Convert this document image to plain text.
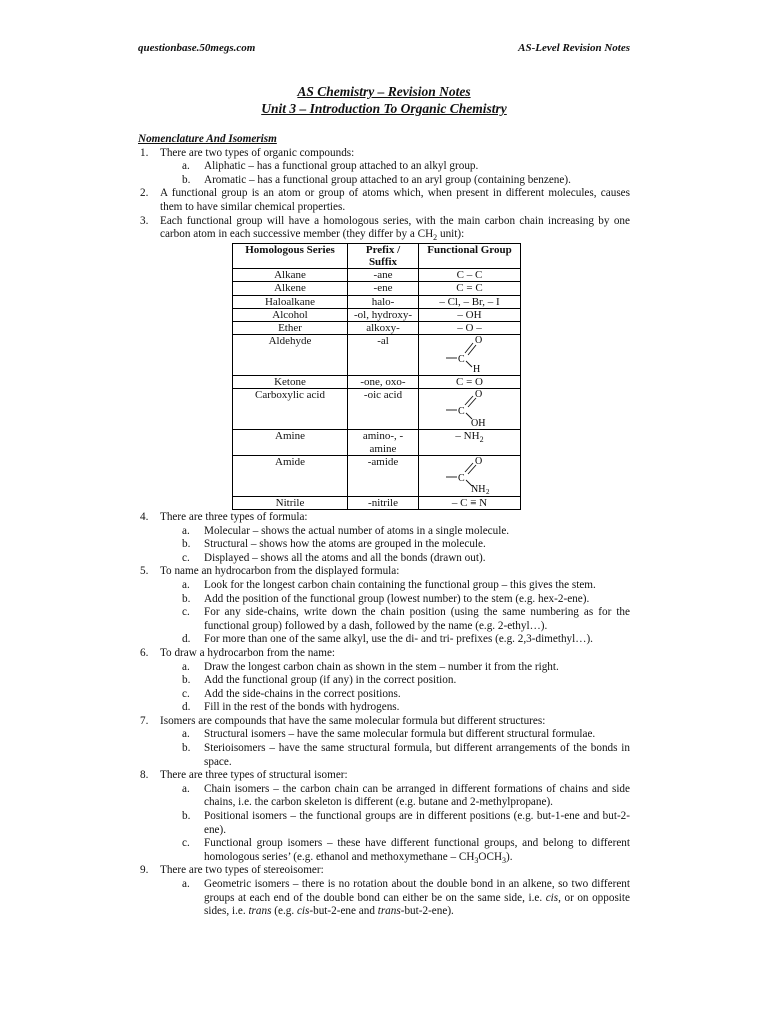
questionbase.50megs.com	AS-Level Revision Notes
AS Chemistry – Revision Notes
Unit 3 – Introduction To Organic Chemistry
Nomenclature And Isomerism
1. There are two types of organic compounds:
a. Aliphatic – has a functional group attached to an alkyl group.
b. Aromatic – has a functional group attached to an aryl group (containing benzene).
2. A functional group is an atom or group of atoms which, when present in different molecules, causes them to have similar chemical properties.
3. Each functional group will have a homologous series, with the main carbon chain increasing by one carbon atom in each successive member (they differ by a $CH_2$ unit):
Homologous Series	Prefix / Suffix	Functional Group
Alkane	-ane	C – C
Alkene	-ene	C = C
Haloalkane	halo-	– Cl, – Br, – I
Alcohol	-ol, hydroxy-	– OH
Ether	alkoxy-	– O –
Aldehyde	-al	C
O
H

Ketone	-one, oxo-	C = O
Carboxylic acid	-oic acid	C
O
OH

Amine	amino-, -amine	– $NH_2$
Amide	-amide	C
O
NH 2

Nitrile	-nitrile	– C ≡ N
4. There are three types of formula:
a. Molecular – shows the actual number of atoms in a single molecule.
b. Structural – shows how the atoms are grouped in the molecule.
c. Displayed – shows all the atoms and all the bonds (drawn out).
5. To name an hydrocarbon from the displayed formula:
a. Look for the longest carbon chain containing the functional group – this gives the stem.
b. Add the position of the functional group (lowest number) to the stem (e.g. hex-2-ene).
c. For any side-chains, write down the chain position (using the same numbering as for the functional group) followed by a dash, followed by the name (e.g. 2-ethyl…).
d. For more than one of the same alkyl, use the di- and tri- prefixes (e.g. 2,3-dimethyl…).
6. To draw a hydrocarbon from the name:
a. Draw the longest carbon chain as shown in the stem – number it from the right.
b. Add the functional group (if any) in the correct position.
c. Add the side-chains in the correct positions.
d. Fill in the rest of the bonds with hydrogens.
7. Isomers are compounds that have the same molecular formula but different structures:
a. Structural isomers – have the same molecular formula but different structural formulae.
b. Sterioisomers – have the same structural formula, but different arrangements of the bonds in space.
8. There are three types of structural isomer:
a. Chain isomers – the carbon chain can be arranged in different formations of chains and side chains, i.e. the carbon skeleton is different (e.g. butane and 2-methylpropane).
b. Positional isomers – the functional groups are in different positions (e.g. but-1-ene and but-2-ene).
c. Functional group isomers – these have different functional groups, and belong to different homologous series’ (e.g. ethanol and methoxymethane – $CH_3OCH_3$).
9. There are two types of stereoisomer:
a. Geometric isomers – there is no rotation about the double bond in an alkene, so two different groups at each end of the double bond can either be on the same side, i.e. cis, or on opposite sides, i.e. trans (e.g. cis-but-2-ene and trans-but-2-ene).
